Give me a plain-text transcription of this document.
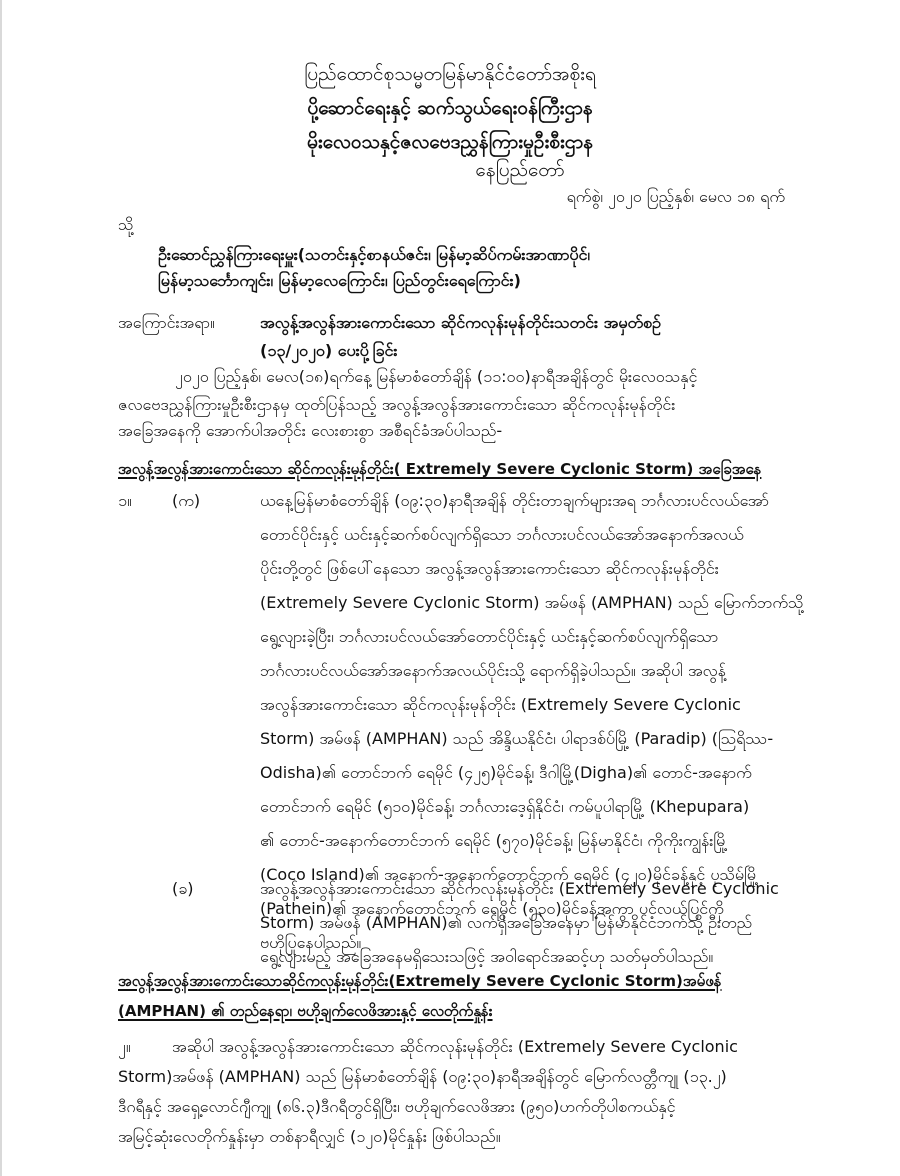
ပြည်ထောင်စုသမ္မတမြန်မာနိုင်ငံတော်အစိုးရ
ပို့ဆောင်ရေးနှင့် ဆက်သွယ်ရေးဝန်ကြီးဌာန
မိုးလေဝသနှင့်ဇလဗေဒညွှန်ကြားမှုဦးစီးဌာန
နေပြည်တော်
ရက်စွဲ၊ ၂၀၂၀ ပြည့်နှစ်၊ မေလ ၁၈ ရက်
သို့
ဦးဆောင်ညွှန်ကြားရေးမှူး(သတင်းနှင့်စာနယ်ဇင်း၊ မြန်မာ့ဆိပ်ကမ်းအာဏာပိုင်၊
မြန်မာ့သင်္ဘောကျင်း၊ မြန်မာ့လေကြောင်း၊ ပြည်တွင်းရေကြောင်း)
အကြောင်းအရာ။	အလွန့်အလွန်အားကောင်းသော ဆိုင်ကလုန်းမုန်တိုင်းသတင်း အမှတ်စဉ်
(၁၃/၂၀၂၀) ပေးပို့ခြင်း
၂၀၂၀ ပြည့်နှစ်၊ မေလ(၁၈)ရက်နေ့ မြန်မာစံတော်ချိန် (၁၁:၀၀)နာရီအချိန်တွင် မိုးလေဝသနှင့်
ဇလဗေဒညွှန်ကြားမှုဦးစီးဌာနမှ ထုတ်ပြန်သည့် အလွန့်အလွန်အားကောင်းသော ဆိုင်ကလုန်းမုန်တိုင်း
အခြေအနေကို အောက်ပါအတိုင်း လေးစားစွာ အစီရင်ခံအပ်ပါသည်-
အလွန့်အလွန်အားကောင်းသော ဆိုင်ကလုန်းမုန်တိုင်း( Extremely Severe Cyclonic Storm) အခြေအနေ
၁။	(က)	ယနေ့မြန်မာစံတော်ချိန် (၀၉:၃၀)နာရီအချိန် တိုင်းတာချက်များအရ ဘင်္ဂလားပင်လယ်အော်
တောင်ပိုင်းနှင့် ယင်းနှင့်ဆက်စပ်လျက်ရှိသော ဘင်္ဂလားပင်လယ်အော်အနောက်အလယ်
ပိုင်းတို့တွင် ဖြစ်ပေါ်နေသော အလွန့်အလွန်အားကောင်းသော ဆိုင်ကလုန်းမုန်တိုင်း
(Extremely Severe Cyclonic Storm) အမ်ဖန် (AMPHAN) သည် မြောက်ဘက်သို့
ရွေ့လျားခဲ့ပြီး၊ ဘင်္ဂလားပင်လယ်အော်တောင်ပိုင်းနှင့် ယင်းနှင့်ဆက်စပ်လျက်ရှိသော
ဘင်္ဂလားပင်လယ်အော်အနောက်အလယ်ပိုင်းသို့ ရောက်ရှိခဲ့ပါသည်။ အဆိုပါ အလွန့်
အလွန်အားကောင်းသော ဆိုင်ကလုန်းမုန်တိုင်း (Extremely Severe Cyclonic
Storm) အမ်ဖန် (AMPHAN) သည် အိန္ဒိယနိုင်ငံ၊ ပါရာဒစ်ပ်မြို့ (Paradip) (ဩရိဿ-
Odisha)၏ တောင်ဘက် ရေမိုင် (၄၂၅)မိုင်ခန့်၊ ဒီဂါမြို့(Digha)၏ တောင်-အနောက်
တောင်ဘက် ရေမိုင် (၅၁၀)မိုင်ခန့်၊ ဘင်္ဂလားဒေ့ရှ်နိုင်ငံ၊ ကမ်ပူပါရာမြို့ (Khepupara)
၏ တောင်-အနောက်တောင်ဘက် ရေမိုင် (၅၇၀)မိုင်ခန့်၊ မြန်မာနိုင်ငံ၊ ကိုကိုးကျွန်းမြို့
(Coco Island)၏ အနောက်-အနောက်တောင်ဘက် ရေမိုင် (၄၂၀)မိုင်ခန့်နှင့် ပုသိမ်မြို့
(Pathein)၏ အနောက်တောင်ဘက် ရေမိုင် (၅၃၀)မိုင်ခန့်အကွာ ပင်လယ်ပြင်ကို
ဗဟိုပြုနေပါသည်။
(ခ)	အလွန့်အလွန်အားကောင်းသော ဆိုင်ကလုန်းမုန်တိုင်း (Extremely Severe Cyclonic
Storm) အမ်ဖန် (AMPHAN)၏ လက်ရှိအခြေအနေမှာ မြန်မာနိုင်ငံဘက်သို့ ဦးတည်
ရွေ့လျားမည့် အခြေအနေမရှိသေးသဖြင့် အဝါရောင်အဆင့်ဟု သတ်မှတ်ပါသည်။
အလွန့်အလွန်အားကောင်းသောဆိုင်ကလုန်းမုန်တိုင်း(Extremely Severe Cyclonic Storm)အမ်ဖန်
(AMPHAN) ၏ တည်နေရာ၊ ဗဟိုချက်လေဖိအားနှင့် လေတိုက်နှုန်း
၂။	အဆိုပါ အလွန့်အလွန်အားကောင်းသော ဆိုင်ကလုန်းမုန်တိုင်း (Extremely Severe Cyclonic
Storm)အမ်ဖန် (AMPHAN) သည် မြန်မာစံတော်ချိန် (၀၉:၃၀)နာရီအချိန်တွင် မြောက်လတ္တီကျု (၁၃.၂)
ဒီဂရီနှင့် အရှေ့လောင်ဂျီကျု (၈၆.၃)ဒီဂရီတွင်ရှိပြီး၊ ဗဟိုချက်လေဖိအား (၉၅၀)ဟက်တိုပါစကယ်နှင့်
အမြင့်ဆုံးလေတိုက်နှုန်းမှာ တစ်နာရီလျှင် (၁၂၀)မိုင်နှုန်း ဖြစ်ပါသည်။
